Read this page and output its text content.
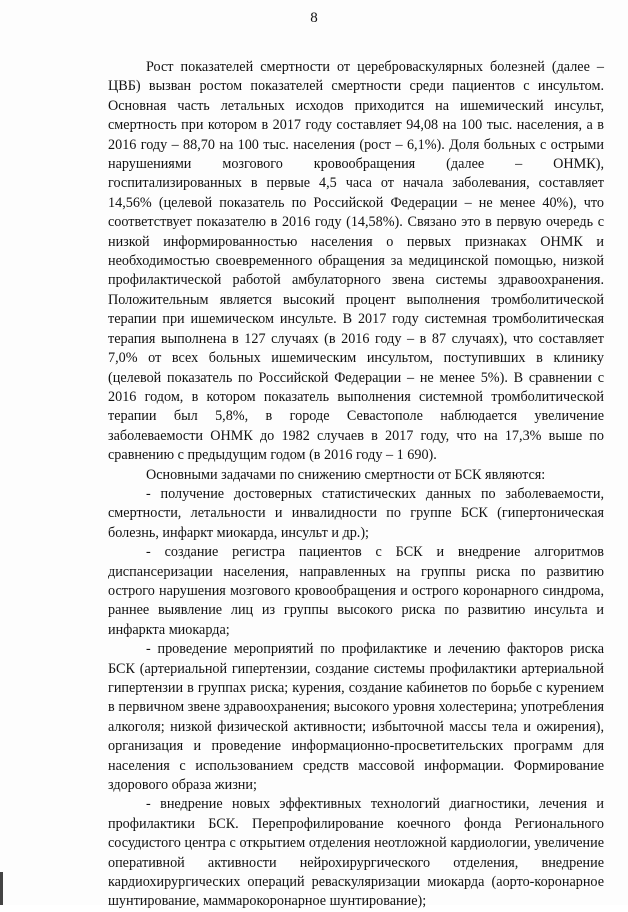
8

Рост показателей смертности от цереброваскулярных болезней (далее – ЦВБ) вызван ростом показателей смертности среди пациентов с инсультом. Основная часть летальных исходов приходится на ишемический инсульт, смертность при котором в 2017 году составляет 94,08 на 100 тыс. населения, а в 2016 году – 88,70 на 100 тыс. населения (рост – 6,1%). Доля больных с острыми нарушениями мозгового кровообращения (далее – ОНМК), госпитализированных в первые 4,5 часа от начала заболевания, составляет 14,56% (целевой показатель по Российской Федерации – не менее 40%), что соответствует показателю в 2016 году (14,58%). Связано это в первую очередь с низкой информированностью населения о первых признаках ОНМК и необходимостью своевременного обращения за медицинской помощью, низкой профилактической работой амбулаторного звена системы здравоохранения. Положительным является высокий процент выполнения тромболитической терапии при ишемическом инсульте. В 2017 году системная тромболитическая терапия выполнена в 127 случаях (в 2016 году – в 87 случаях), что составляет 7,0% от всех больных ишемическим инсультом, поступивших в клинику (целевой показатель по Российской Федерации – не менее 5%). В сравнении с 2016 годом, в котором показатель выполнения системной тромболитической терапии был 5,8%, в городе Севастополе наблюдается увеличение заболеваемости ОНМК до 1982 случаев в 2017 году, что на 17,3% выше по сравнению с предыдущим годом (в 2016 году – 1 690).

Основными задачами по снижению смертности от БСК являются:

- получение достоверных статистических данных по заболеваемости, смертности, летальности и инвалидности по группе БСК (гипертоническая болезнь, инфаркт миокарда, инсульт и др.);

- создание регистра пациентов с БСК и внедрение алгоритмов диспансеризации населения, направленных на группы риска по развитию острого нарушения мозгового кровообращения и острого коронарного синдрома, раннее выявление лиц из группы высокого риска по развитию инсульта и инфаркта миокарда;

- проведение мероприятий по профилактике и лечению факторов риска БСК (артериальной гипертензии, создание системы профилактики артериальной гипертензии в группах риска; курения, создание кабинетов по борьбе с курением в первичном звене здравоохранения; высокого уровня холестерина; употребления алкоголя; низкой физической активности; избыточной массы тела и ожирения), организация и проведение информационно-просветительских программ для населения с использованием средств массовой информации. Формирование здорового образа жизни;

- внедрение новых эффективных технологий диагностики, лечения и профилактики БСК. Перепрофилирование коечного фонда Регионального сосудистого центра с открытием отделения неотложной кардиологии, увеличение оперативной активности нейрохирургического отделения, внедрение кардиохирургических операций реваскуляризации миокарда (аорто-коронарное шунтирование, маммарокоронарное шунтирование);
